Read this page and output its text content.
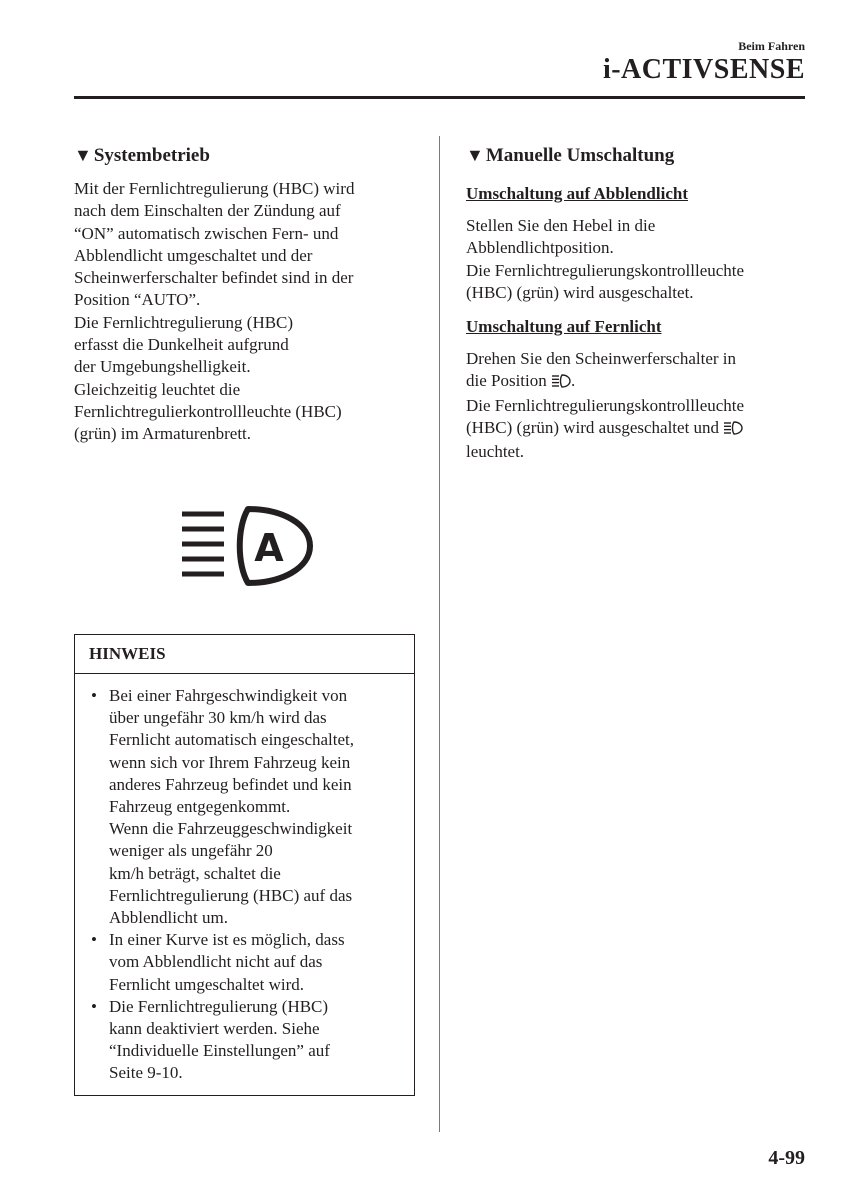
Beim Fahren
i-ACTIVSENSE
▼ Systembetrieb

Mit der Fernlichtregulierung (HBC) wird
nach dem Einschalten der Zündung auf
“ON” automatisch zwischen Fern- und
Abblendlicht umgeschaltet und der
Scheinwerferschalter befindet sind in der
Position “AUTO”.
Die Fernlichtregulierung (HBC)
erfasst die Dunkelheit aufgrund
der Umgebungshelligkeit.
Gleichzeitig leuchtet die
Fernlichtregulierkontrollleuchte (HBC)
(grün) im Armaturenbrett.

A
HINWEIS
• Bei einer Fahrgeschwindigkeit von
über ungefähr 30 km/h wird das
Fernlicht automatisch eingeschaltet,
wenn sich vor Ihrem Fahrzeug kein
anderes Fahrzeug befindet und kein
Fahrzeug entgegenkommt.
Wenn die Fahrzeuggeschwindigkeit
weniger als ungefähr 20
km/h beträgt, schaltet die
Fernlichtregulierung (HBC) auf das
Abblendlicht um.
• In einer Kurve ist es möglich, dass
vom Abblendlicht nicht auf das
Fernlicht umgeschaltet wird.
• Die Fernlichtregulierung (HBC)
kann deaktiviert werden. Siehe
“Individuelle Einstellungen” auf
Seite 9-10.
▼ Manuelle Umschaltung
Umschaltung auf Abblendlicht

Stellen Sie den Hebel in die
Abblendlichtposition.
Die Fernlichtregulierungskontrollleuchte
(HBC) (grün) wird ausgeschaltet.

Umschaltung auf Fernlicht

Drehen Sie den Scheinwerferschalter in
die Position .
Die Fernlichtregulierungskontrollleuchte
(HBC) (grün) wird ausgeschaltet und
leuchtet.

4-99
